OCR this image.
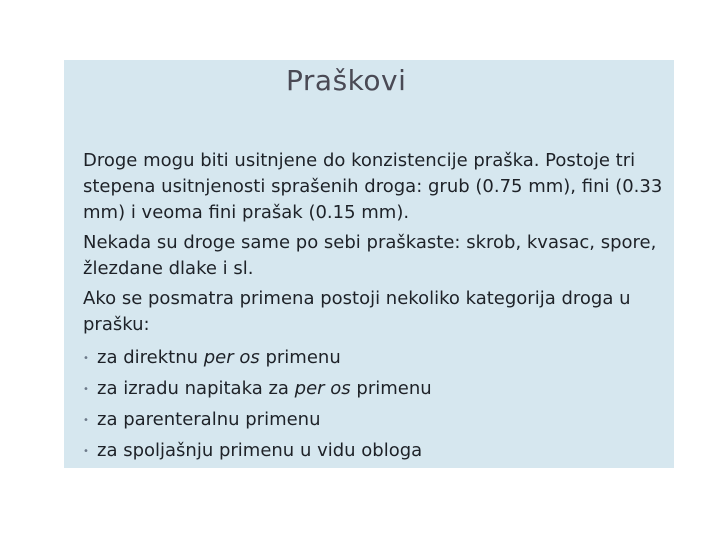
Praškovi

Droge mogu biti usitnjene do konzistencije praška. Postoje tri stepena usitnjenosti sprašenih droga: grub (0.75 mm), fini (0.33 mm) i veoma fini prašak (0.15 mm).

Nekada su droge same po sebi praškaste: skrob, kvasac, spore, žlezdane dlake i sl.

Ako se posmatra primena postoji nekoliko kategorija droga u prašku:

• za direktnu per os primenu
• za izradu napitaka za per os primenu
• za parenteralnu primenu
• za spoljašnju primenu u vidu obloga
